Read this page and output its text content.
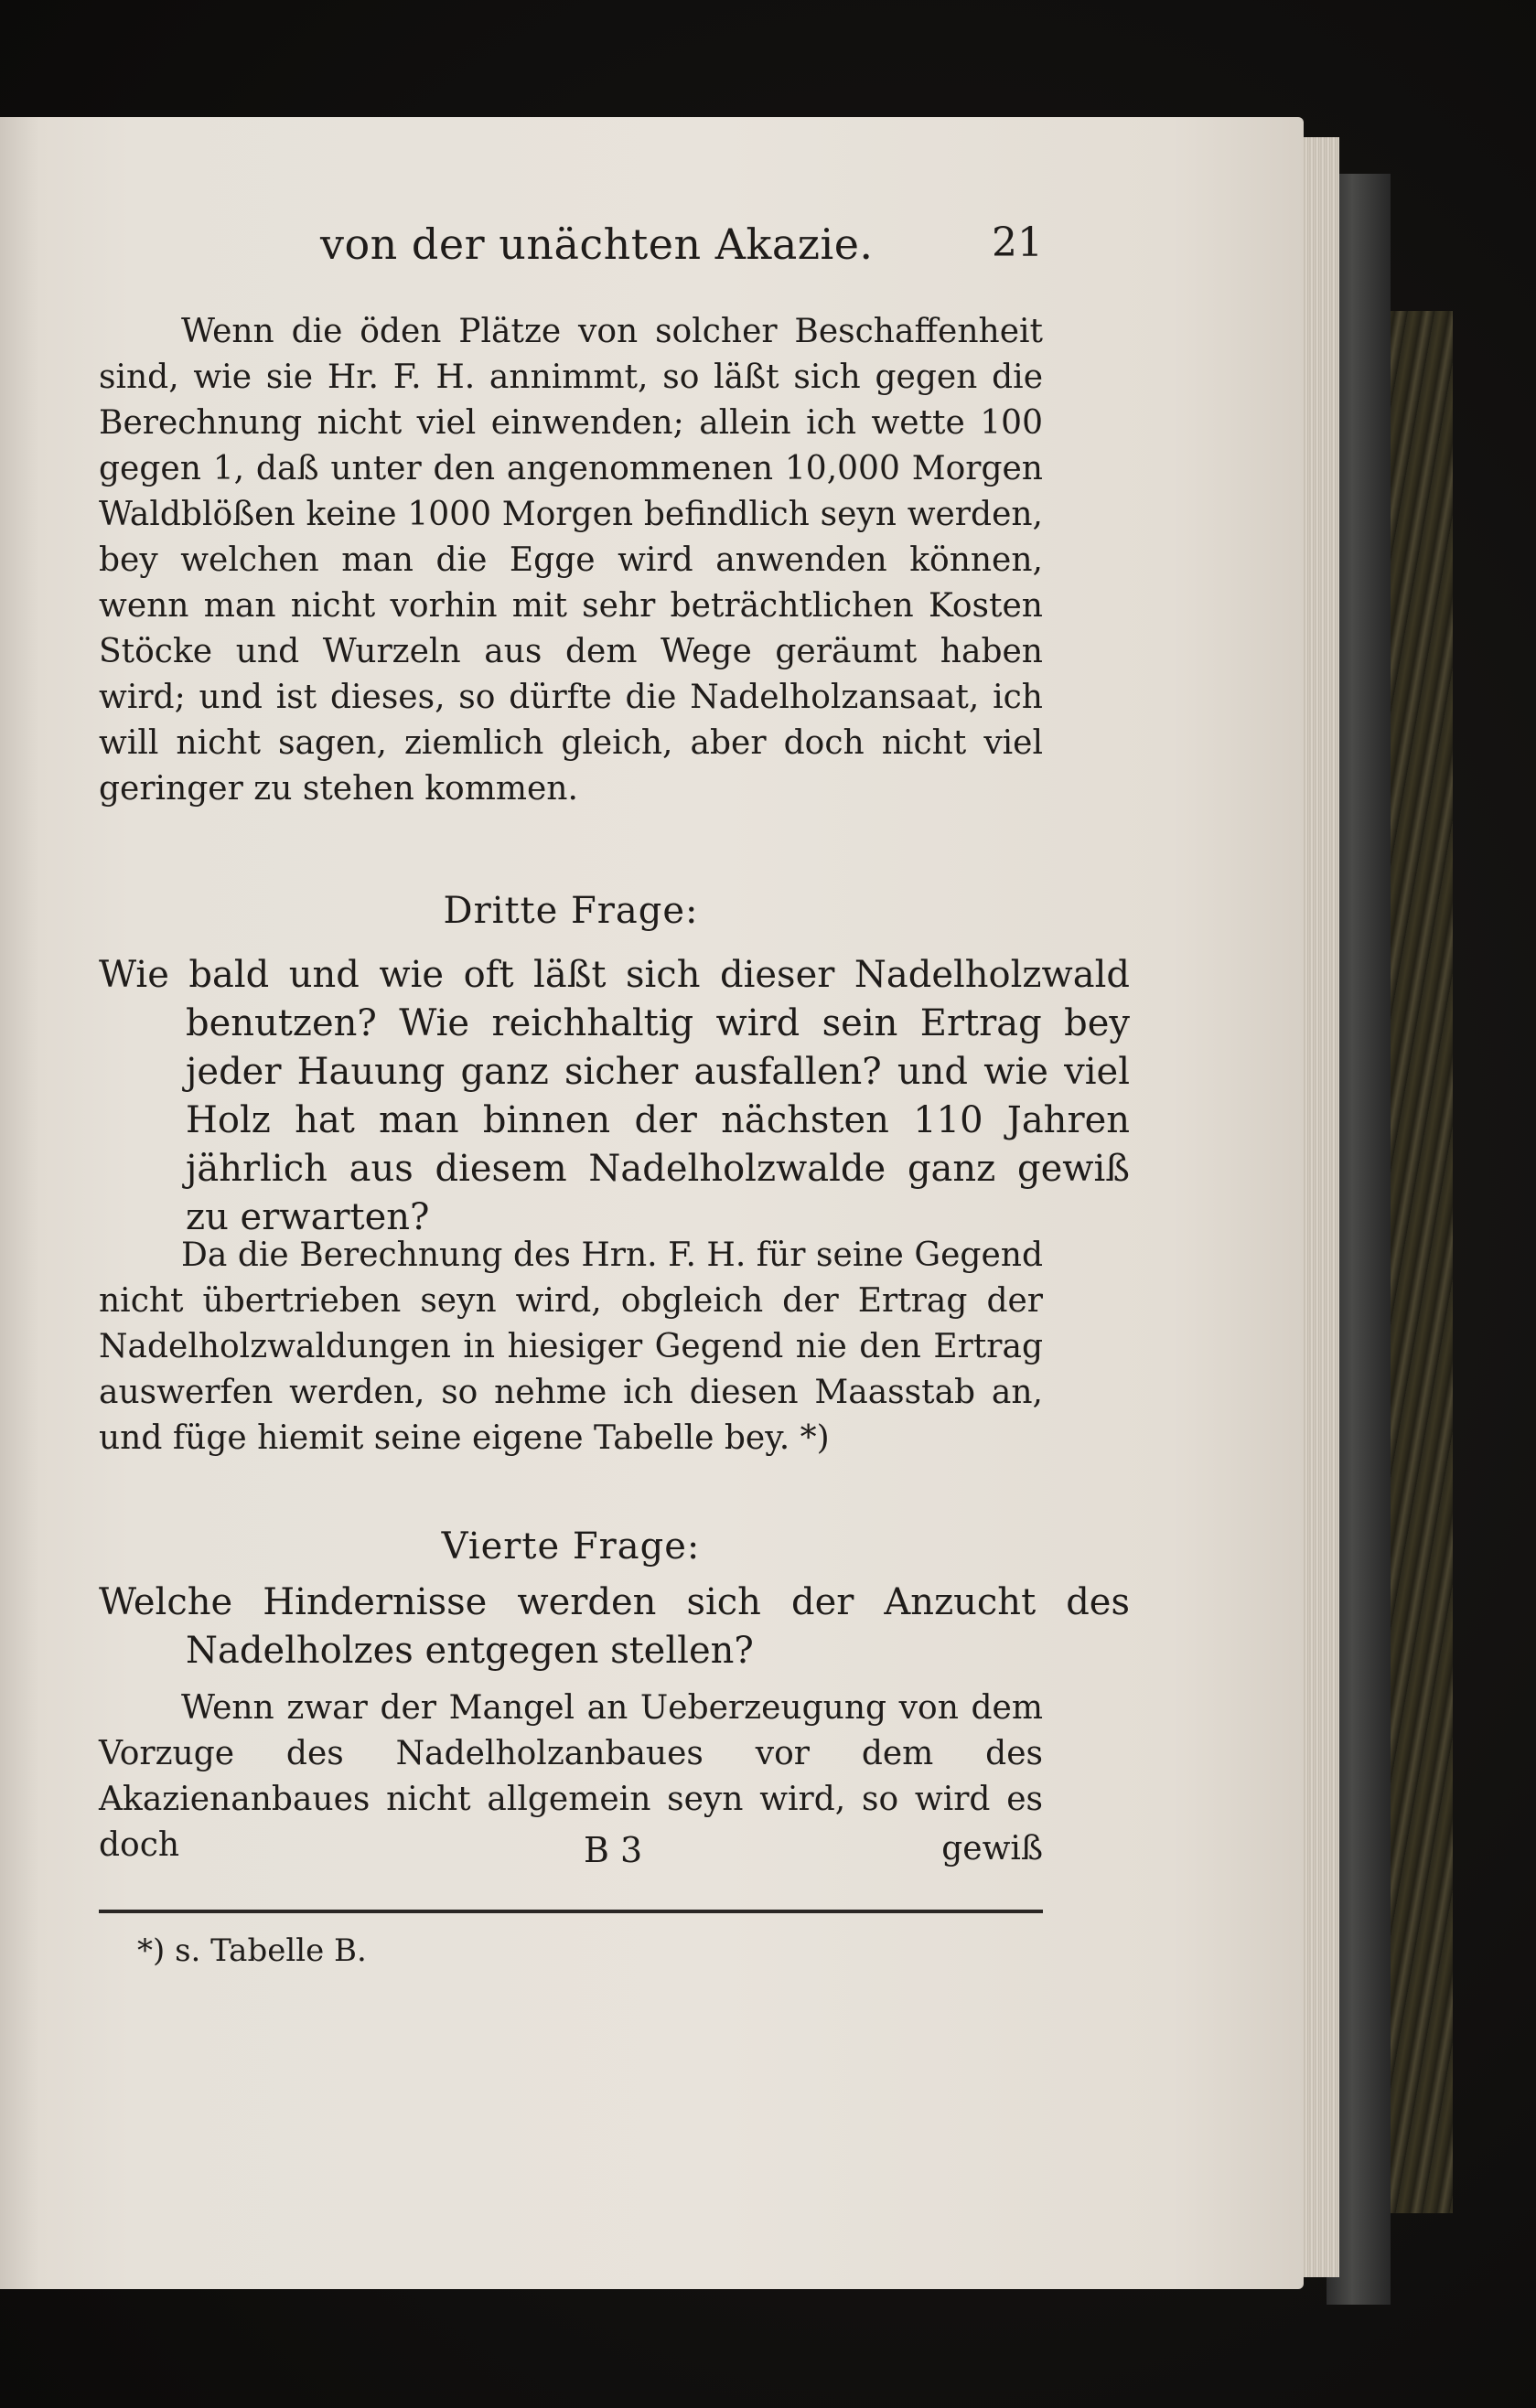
von der unächten Akazie.	21
Wenn die öden Plätze von solcher Beschaffenheit sind, wie sie Hr. F. H. annimmt, so läßt sich gegen die Berechnung nicht viel einwenden; allein ich wette 100 gegen 1, daß unter den angenommenen 10,000 Morgen Waldblößen keine 1000 Morgen befindlich seyn werden, bey welchen man die Egge wird anwenden können, wenn man nicht vorhin mit sehr beträchtlichen Kosten Stöcke und Wurzeln aus dem Wege geräumt haben wird; und ist dieses, so dürfte die Nadelholzansaat, ich will nicht sagen, ziemlich gleich, aber doch nicht viel geringer zu stehen kommen.
Dritte Frage:
Wie bald und wie oft läßt sich dieser Nadelholzwald benutzen? Wie reichhaltig wird sein Ertrag bey jeder Hauung ganz sicher ausfallen? und wie viel Holz hat man binnen der nächsten 110 Jahren jährlich aus diesem Nadelholzwalde ganz gewiß zu erwarten?
Da die Berechnung des Hrn. F. H. für seine Gegend nicht übertrieben seyn wird, obgleich der Ertrag der Nadelholzwaldungen in hiesiger Gegend nie den Ertrag auswerfen werden, so nehme ich diesen Maasstab an, und füge hiemit seine eigene Tabelle bey. *)
Vierte Frage:
Welche Hindernisse werden sich der Anzucht des Nadelholzes entgegen stellen?
Wenn zwar der Mangel an Ueberzeugung von dem Vorzuge des Nadelholzanbaues vor dem des Akazienanbaues nicht allgemein seyn wird, so wird es doch	B 3	gewiß
*) s. Tabelle B.
